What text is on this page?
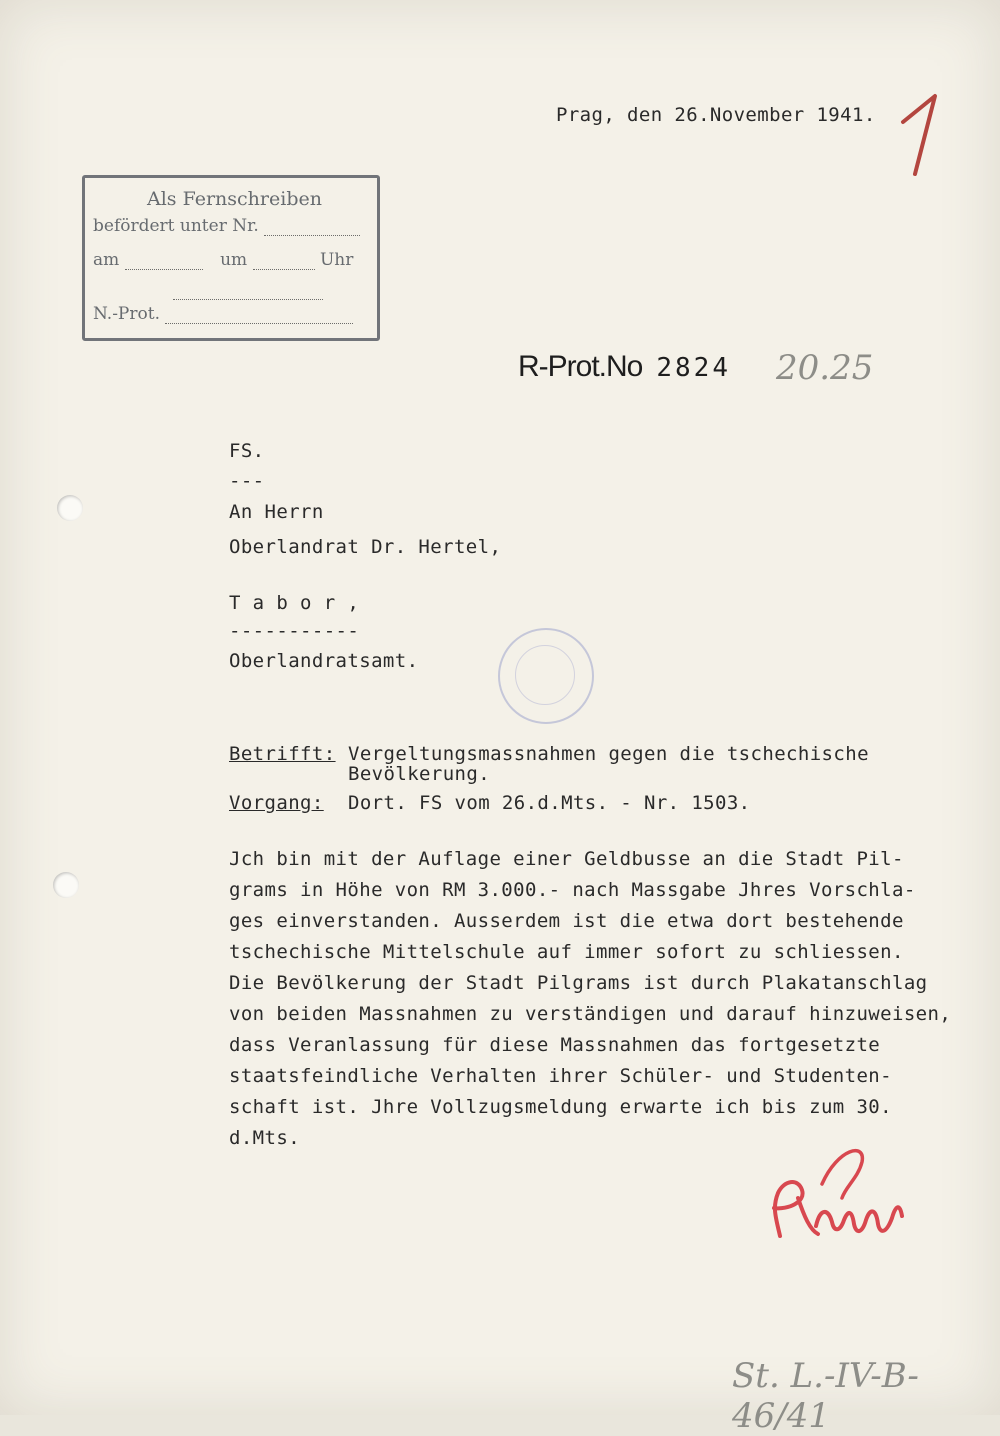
Prag, den 26.November 1941.
Als Fernschreiben
befördert unter Nr.
am	um	Uhr
N.-Prot.
R-Prot.No 2824 20.25
FS.
---
An Herrn
Oberlandrat Dr. Hertel,
T a b o r ,
-----------
Oberlandratsamt.
Betrifft: Vergeltungsmassnahmen gegen die tschechische
Bevölkerung.
Vorgang: Dort. FS vom 26.d.Mts. - Nr. 1503.
Jch bin mit der Auflage einer Geldbusse an die Stadt Pil-
grams in Höhe von RM 3.000.- nach Massgabe Jhres Vorschla-
ges einverstanden. Ausserdem ist die etwa dort bestehende
tschechische Mittelschule auf immer sofort zu schliessen.
Die Bevölkerung der Stadt Pilgrams ist durch Plakatanschlag
von beiden Massnahmen zu verständigen und darauf hinzuweisen,
dass Veranlassung für diese Massnahmen das fortgesetzte
staatsfeindliche Verhalten ihrer Schüler- und Studenten-
schaft ist. Jhre Vollzugsmeldung erwarte ich bis zum 30.
d.Mts.
St. L.-IV-B-46/41
